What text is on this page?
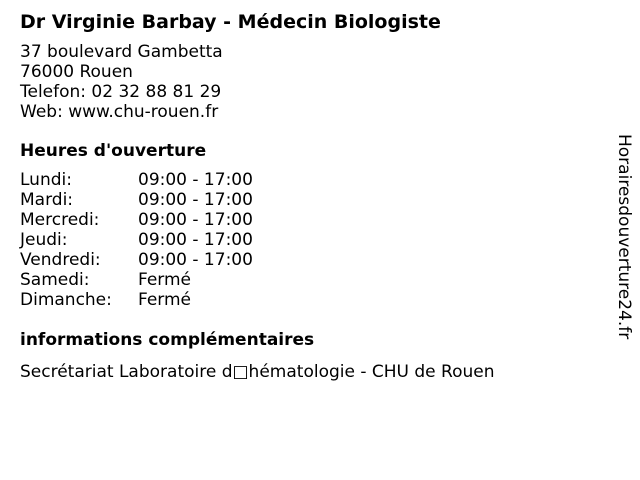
Dr Virginie Barbay - Médecin Biologiste
37 boulevard Gambetta
76000 Rouen
Telefon: 02 32 88 81 29
Web: www.chu-rouen.fr
Heures d'ouverture
Lundi:	09:00 - 17:00
Mardi:	09:00 - 17:00
Mercredi:	09:00 - 17:00
Jeudi:	09:00 - 17:00
Vendredi:	09:00 - 17:00
Samedi:	Fermé
Dimanche:	Fermé
informations complémentaires
Secrétariat Laboratoire d□hématologie - CHU de Rouen
Horairesdouverture24.fr
